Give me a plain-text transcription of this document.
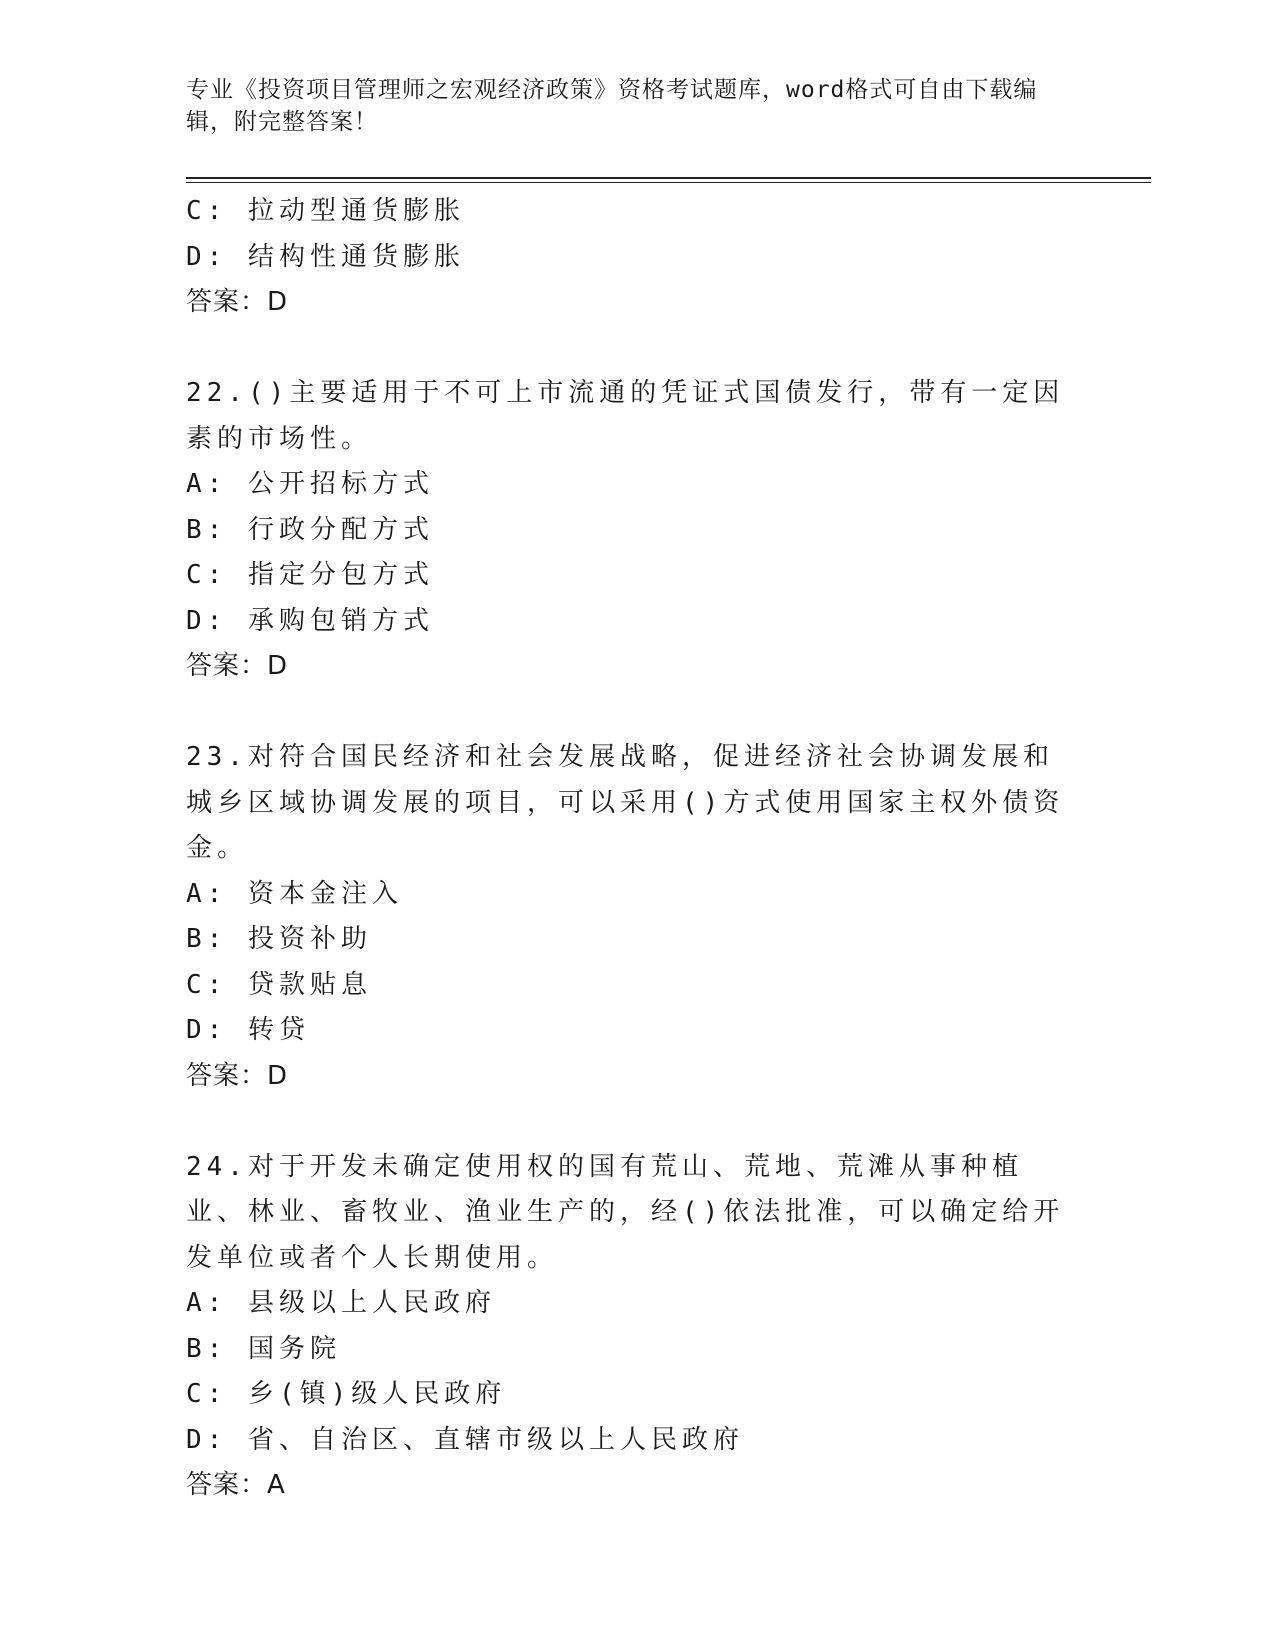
专业《投资项目管理师之宏观经济政策》资格考试题库，word格式可自由下载编辑，附完整答案！
C: 拉动型通货膨胀
D: 结构性通货膨胀
答案：D
22.()主要适用于不可上市流通的凭证式国债发行，带有一定因素的市场性。
A: 公开招标方式
B: 行政分配方式
C: 指定分包方式
D: 承购包销方式
答案：D
23.对符合国民经济和社会发展战略，促进经济社会协调发展和城乡区域协调发展的项目，可以采用()方式使用国家主权外债资金。
A: 资本金注入
B: 投资补助
C: 贷款贴息
D: 转贷
答案：D
24.对于开发未确定使用权的国有荒山、荒地、荒滩从事种植业、林业、畜牧业、渔业生产的，经()依法批准，可以确定给开发单位或者个人长期使用。
A: 县级以上人民政府
B: 国务院
C: 乡(镇)级人民政府
D: 省、自治区、直辖市级以上人民政府
答案：A
